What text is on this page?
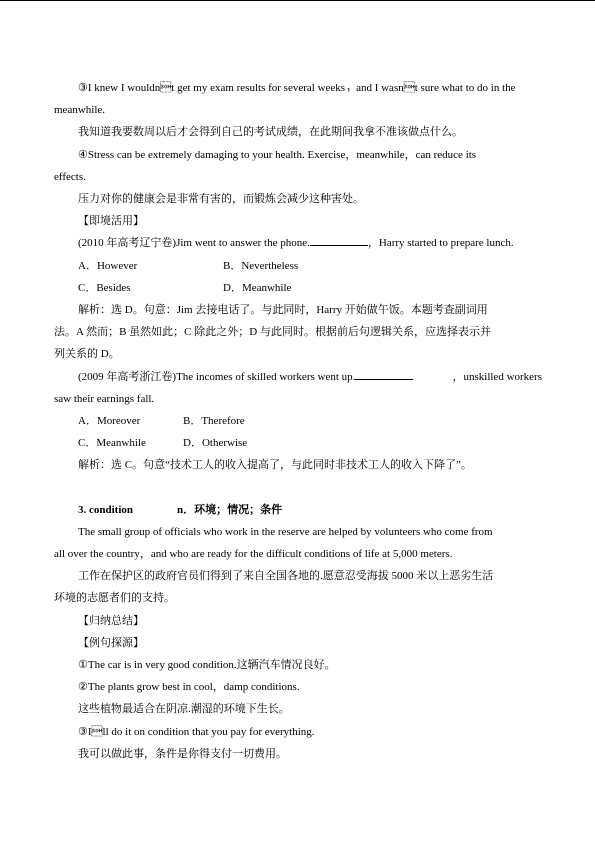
③I knew I wouldnt get my exam results for several weeks，and I wasnt sure what to do in the

meanwhile.

我知道我要数周以后才会得到自己的考试成绩，在此期间我拿不准该做点什么。

④Stress can be extremely damaging to your health. Exercise，meanwhile，can reduce its

effects.

压力对你的健康会是非常有害的，而锻炼会减少这种害处。

【即境活用】

(2010 年高考辽宁卷)Jim went to answer the phone.	，Harry started to prepare lunch.

A．However	B．Nevertheless
C．Besides	D．Meanwhile

解析：选 D。句意：Jim 去接电话了。与此同时，Harry 开始做午饭。本题考查副词用

法。A 然而；B 虽然如此；C 除此之外；D 与此同时。根据前后句逻辑关系，应选择表示并

列关系的 D。

(2009 年高考浙江卷)The incomes of skilled workers went up.	，unskilled workers

saw their earnings fall.

A．Moreover	B．Therefore
C．Meanwhile	D．Otherwise

解析：选 C。句意“技术工人的收入提高了，与此同时非技术工人的收入下降了”。

3. condition	n．环境；情况；条件

The small group of officials who work in the reserve are helped by volunteers who come from

all over the country，and who are ready for the difficult conditions of life at 5,000 meters.

工作在保护区的政府官员们得到了来自全国各地的.愿意忍受海拔 5000 米以上恶劣生活

环境的志愿者们的支持。

【归纳总结】

【例句探源】

①The car is in very good condition.这辆汽车情况良好。

②The plants grow best in cool，damp conditions.

这些植物最适合在阴凉.潮湿的环境下生长。

③Ill do it on condition that you pay for everything.

我可以做此事，条件是你得支付一切费用。
